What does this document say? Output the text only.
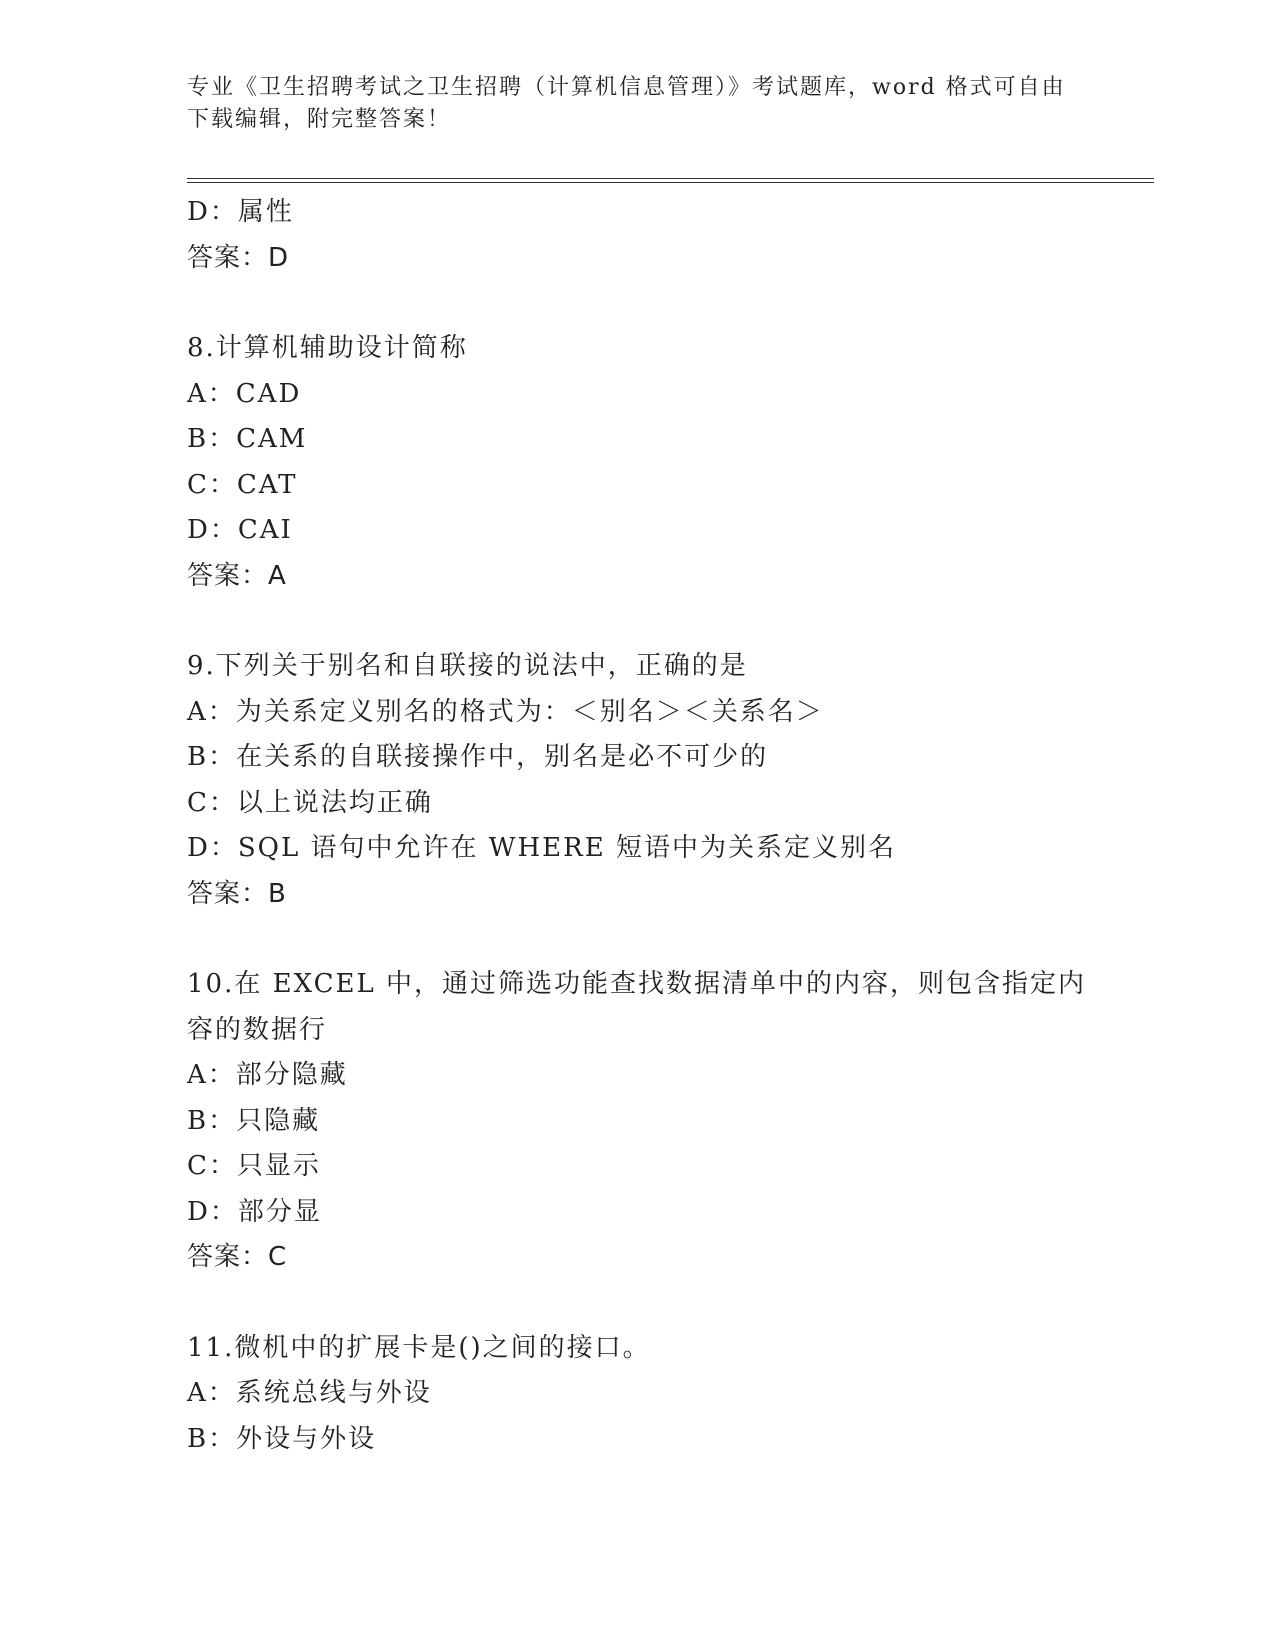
专业《卫生招聘考试之卫生招聘（计算机信息管理）》考试题库，word 格式可自由下载编辑，附完整答案！
D：属性
答案：D
8.计算机辅助设计简称
A：CAD
B：CAM
C：CAT
D：CAI
答案：A
9.下列关于别名和自联接的说法中，正确的是
A：为关系定义别名的格式为：＜别名＞＜关系名＞
B：在关系的自联接操作中，别名是必不可少的
C：以上说法均正确
D：SQL 语句中允许在 WHERE 短语中为关系定义别名
答案：B
10.在 EXCEL 中，通过筛选功能查找数据清单中的内容，则包含指定内容的数据行
A：部分隐藏
B：只隐藏
C：只显示
D：部分显
答案：C
11.微机中的扩展卡是()之间的接口。
A：系统总线与外设
B：外设与外设
